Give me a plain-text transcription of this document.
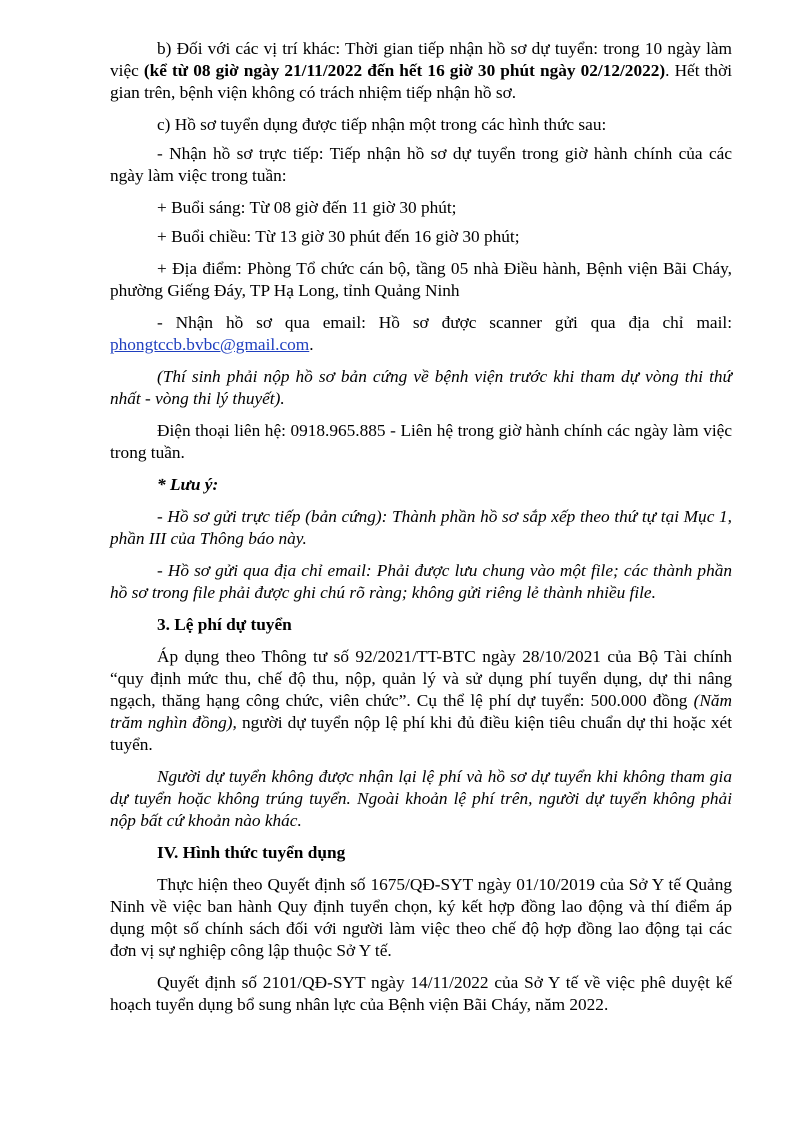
b) Đối với các vị trí khác: Thời gian tiếp nhận hồ sơ dự tuyển: trong 10 ngày làm việc (kể từ 08 giờ ngày 21/11/2022 đến hết 16 giờ 30 phút ngày 02/12/2022). Hết thời gian trên, bệnh viện không có trách nhiệm tiếp nhận hồ sơ.

c) Hồ sơ tuyển dụng được tiếp nhận một trong các hình thức sau:

- Nhận hồ sơ trực tiếp: Tiếp nhận hồ sơ dự tuyển trong giờ hành chính của các ngày làm việc trong tuần:

+ Buổi sáng: Từ 08 giờ đến 11 giờ 30 phút;

+ Buổi chiều: Từ 13 giờ 30 phút đến 16 giờ 30 phút;

+ Địa điểm: Phòng Tổ chức cán bộ, tầng 05 nhà Điều hành, Bệnh viện Bãi Cháy, phường Giếng Đáy, TP Hạ Long, tỉnh Quảng Ninh

- Nhận hồ sơ qua email: Hồ sơ được scanner gửi qua địa chỉ mail: phongtccb.bvbc@gmail.com.

(Thí sinh phải nộp hồ sơ bản cứng về bệnh viện trước khi tham dự vòng thi thứ nhất - vòng thi lý thuyết).

Điện thoại liên hệ: 0918.965.885 - Liên hệ trong giờ hành chính các ngày làm việc trong tuần.

* Lưu ý:

- Hồ sơ gửi trực tiếp (bản cứng): Thành phần hồ sơ sắp xếp theo thứ tự tại Mục 1, phần III của Thông báo này.

- Hồ sơ gửi qua địa chỉ email: Phải được lưu chung vào một file; các thành phần hồ sơ trong file phải được ghi chú rõ ràng; không gửi riêng lẻ thành nhiều file.

3. Lệ phí dự tuyển

Áp dụng theo Thông tư số 92/2021/TT-BTC ngày 28/10/2021 của Bộ Tài chính “quy định mức thu, chế độ thu, nộp, quản lý và sử dụng phí tuyển dụng, dự thi nâng ngạch, thăng hạng công chức, viên chức”. Cụ thể lệ phí dự tuyển: 500.000 đồng (Năm trăm nghìn đồng), người dự tuyển nộp lệ phí khi đủ điều kiện tiêu chuẩn dự thi hoặc xét tuyển.

Người dự tuyển không được nhận lại lệ phí và hồ sơ dự tuyển khi không tham gia dự tuyển hoặc không trúng tuyển. Ngoài khoản lệ phí trên, người dự tuyển không phải nộp bất cứ khoản nào khác.

IV. Hình thức tuyển dụng

Thực hiện theo Quyết định số 1675/QĐ-SYT ngày 01/10/2019 của Sở Y tế Quảng Ninh về việc ban hành Quy định tuyển chọn, ký kết hợp đồng lao động và thí điểm áp dụng một số chính sách đối với người làm việc theo chế độ hợp đồng lao động tại các đơn vị sự nghiệp công lập thuộc Sở Y tế.

Quyết định số 2101/QĐ-SYT ngày 14/11/2022 của Sở Y tế về việc phê duyệt kế hoạch tuyển dụng bổ sung nhân lực của Bệnh viện Bãi Cháy, năm 2022.
